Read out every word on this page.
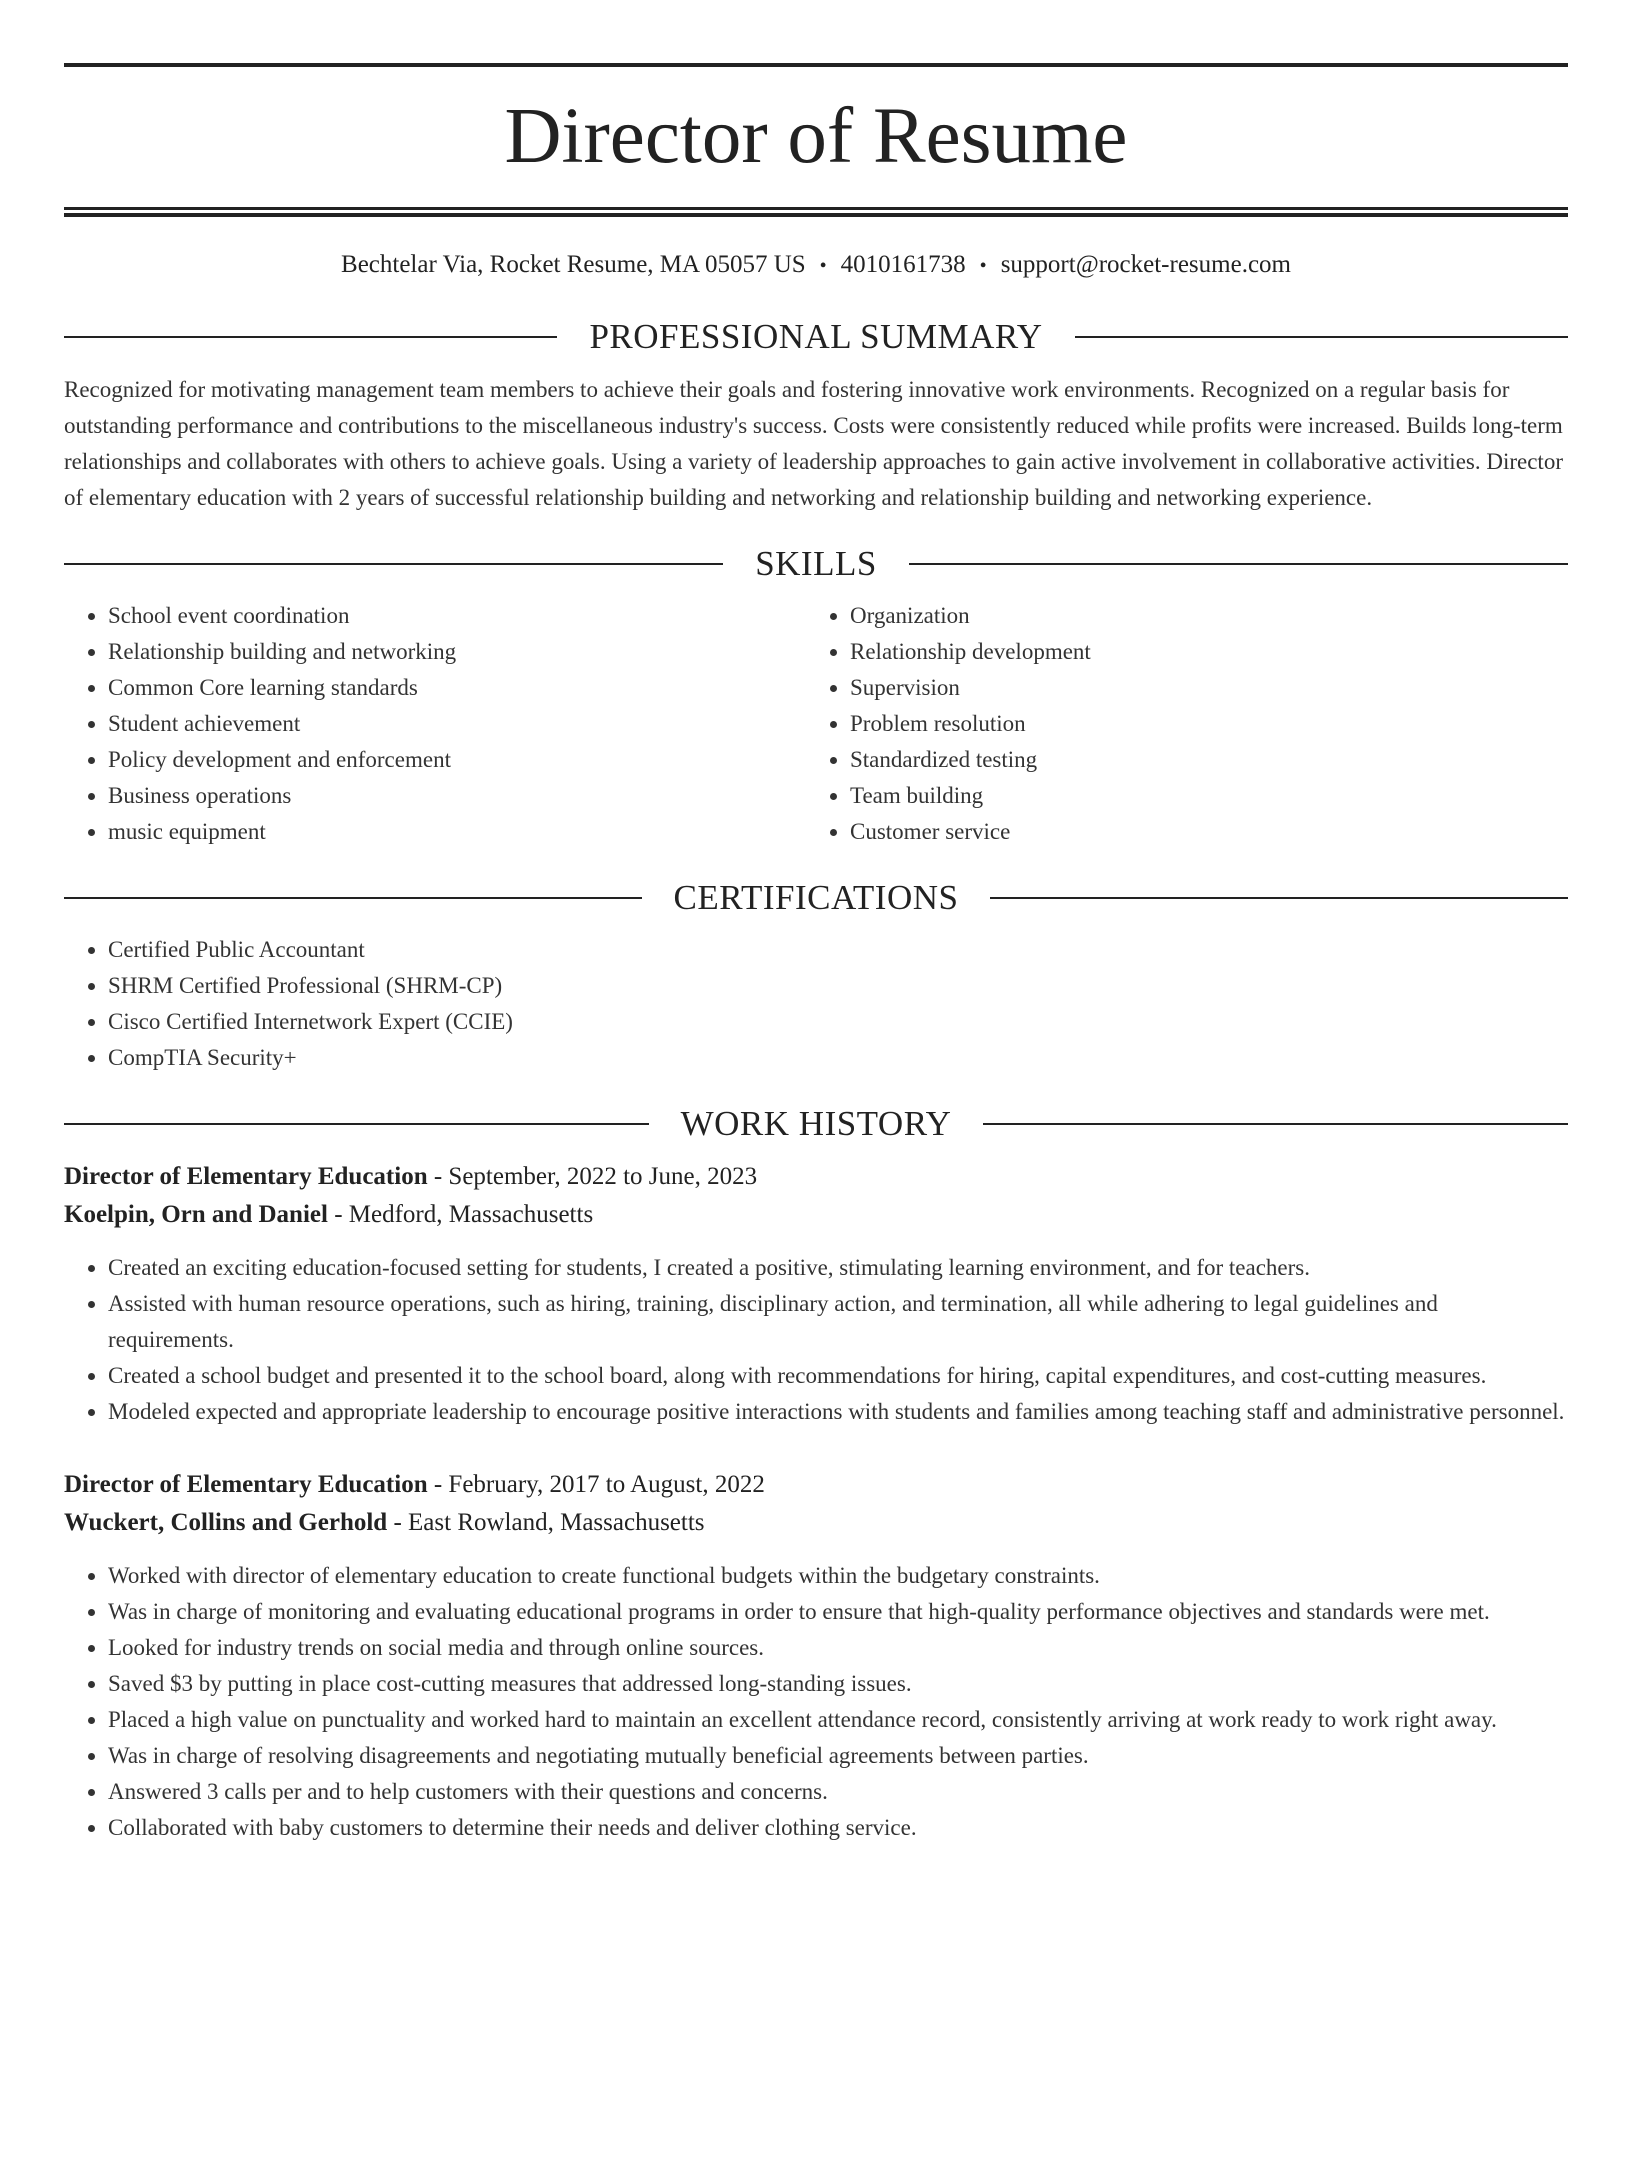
Director of Resume
Bechtelar Via, Rocket Resume, MA 05057 US • 4010161738 • support@rocket-resume.com
PROFESSIONAL SUMMARY
Recognized for motivating management team members to achieve their goals and fostering innovative work environments. Recognized on a regular basis for outstanding performance and contributions to the miscellaneous industry's success. Costs were consistently reduced while profits were increased. Builds long-term relationships and collaborates with others to achieve goals. Using a variety of leadership approaches to gain active involvement in collaborative activities. Director of elementary education with 2 years of successful relationship building and networking and relationship building and networking experience.
SKILLS
• School event coordination
• Relationship building and networking
• Common Core learning standards
• Student achievement
• Policy development and enforcement
• Business operations
• music equipment
• Organization
• Relationship development
• Supervision
• Problem resolution
• Standardized testing
• Team building
• Customer service
CERTIFICATIONS
• Certified Public Accountant
• SHRM Certified Professional (SHRM-CP)
• Cisco Certified Internetwork Expert (CCIE)
• CompTIA Security+
WORK HISTORY
Director of Elementary Education - September, 2022 to June, 2023
Koelpin, Orn and Daniel - Medford, Massachusetts
• Created an exciting education-focused setting for students, I created a positive, stimulating learning environment, and for teachers.
• Assisted with human resource operations, such as hiring, training, disciplinary action, and termination, all while adhering to legal guidelines and requirements.
• Created a school budget and presented it to the school board, along with recommendations for hiring, capital expenditures, and cost-cutting measures.
• Modeled expected and appropriate leadership to encourage positive interactions with students and families among teaching staff and administrative personnel.
Director of Elementary Education - February, 2017 to August, 2022
Wuckert, Collins and Gerhold - East Rowland, Massachusetts
• Worked with director of elementary education to create functional budgets within the budgetary constraints.
• Was in charge of monitoring and evaluating educational programs in order to ensure that high-quality performance objectives and standards were met.
• Looked for industry trends on social media and through online sources.
• Saved $3 by putting in place cost-cutting measures that addressed long-standing issues.
• Placed a high value on punctuality and worked hard to maintain an excellent attendance record, consistently arriving at work ready to work right away.
• Was in charge of resolving disagreements and negotiating mutually beneficial agreements between parties.
• Answered 3 calls per and to help customers with their questions and concerns.
• Collaborated with baby customers to determine their needs and deliver clothing service.
